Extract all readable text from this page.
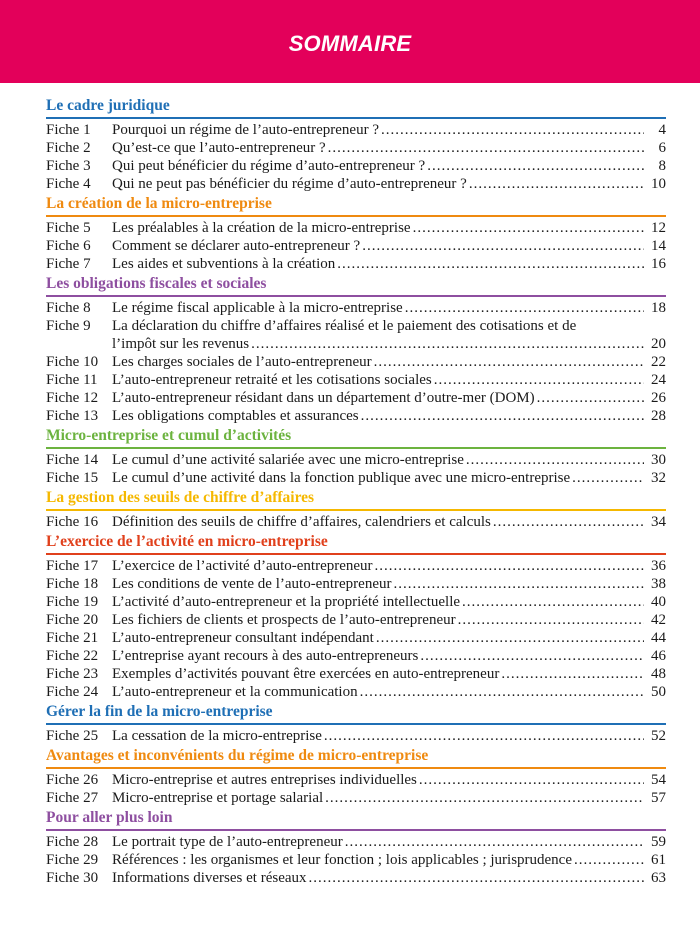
SOMMAIRE
Le cadre juridique
Fiche 1	Pourquoi un régime de l’auto-entrepreneur ? .....	4
Fiche 2	Qu’est-ce que l’auto-entrepreneur ? .....	6
Fiche 3	Qui peut bénéficier du régime d’auto-entrepreneur ? .....	8
Fiche 4	Qui ne peut pas bénéficier du régime d’auto-entrepreneur ? .....	10
La création de la micro-entreprise
Fiche 5	Les préalables à la création de la micro-entreprise .....	12
Fiche 6	Comment se déclarer auto-entrepreneur ? .....	14
Fiche 7	Les aides et subventions à la création .....	16
Les obligations fiscales et sociales
Fiche 8	Le régime fiscal applicable à la micro-entreprise .....	18
Fiche 9	La déclaration du chiffre d’affaires réalisé et le paiement des cotisations et de
l’impôt sur les revenus .....	20
Fiche 10 Les charges sociales de l’auto-entrepreneur .....	22
Fiche 11 L’auto-entrepreneur retraité et les cotisations sociales .....	24
Fiche 12 L’auto-entrepreneur résidant dans un département d’outre-mer (DOM) .....	26
Fiche 13 Les obligations comptables et assurances .....	28
Micro-entreprise et cumul d’activités
Fiche 14 Le cumul d’une activité salariée avec une micro-entreprise .....	30
Fiche 15 Le cumul d’une activité dans la fonction publique avec une micro-entreprise .....	32
La gestion des seuils de chiffre d’affaires
Fiche 16 Définition des seuils de chiffre d’affaires, calendriers et calculs .....	34
L’exercice de l’activité en micro-entreprise
Fiche 17 L’exercice de l’activité d’auto-entrepreneur .....	36
Fiche 18 Les conditions de vente de l’auto-entrepreneur .....	38
Fiche 19 L’activité d’auto-entrepreneur et la propriété intellectuelle .....	40
Fiche 20 Les fichiers de clients et prospects de l’auto-entrepreneur .....	42
Fiche 21 L’auto-entrepreneur consultant indépendant .....	44
Fiche 22 L’entreprise ayant recours à des auto-entrepreneurs .....	46
Fiche 23 Exemples d’activités pouvant être exercées en auto-entrepreneur .....	48
Fiche 24 L’auto-entrepreneur et la communication .....	50
Gérer la fin de la micro-entreprise
Fiche 25 La cessation de la micro-entreprise .....	52
Avantages et inconvénients du régime de micro-entreprise
Fiche 26 Micro-entreprise et autres entreprises individuelles .....	54
Fiche 27 Micro-entreprise et portage salarial .....	57
Pour aller plus loin
Fiche 28 Le portrait type de l’auto-entrepreneur .....	59
Fiche 29 Références : les organismes et leur fonction ; lois applicables ; jurisprudence .....	61
Fiche 30 Informations diverses et réseaux .....	63
